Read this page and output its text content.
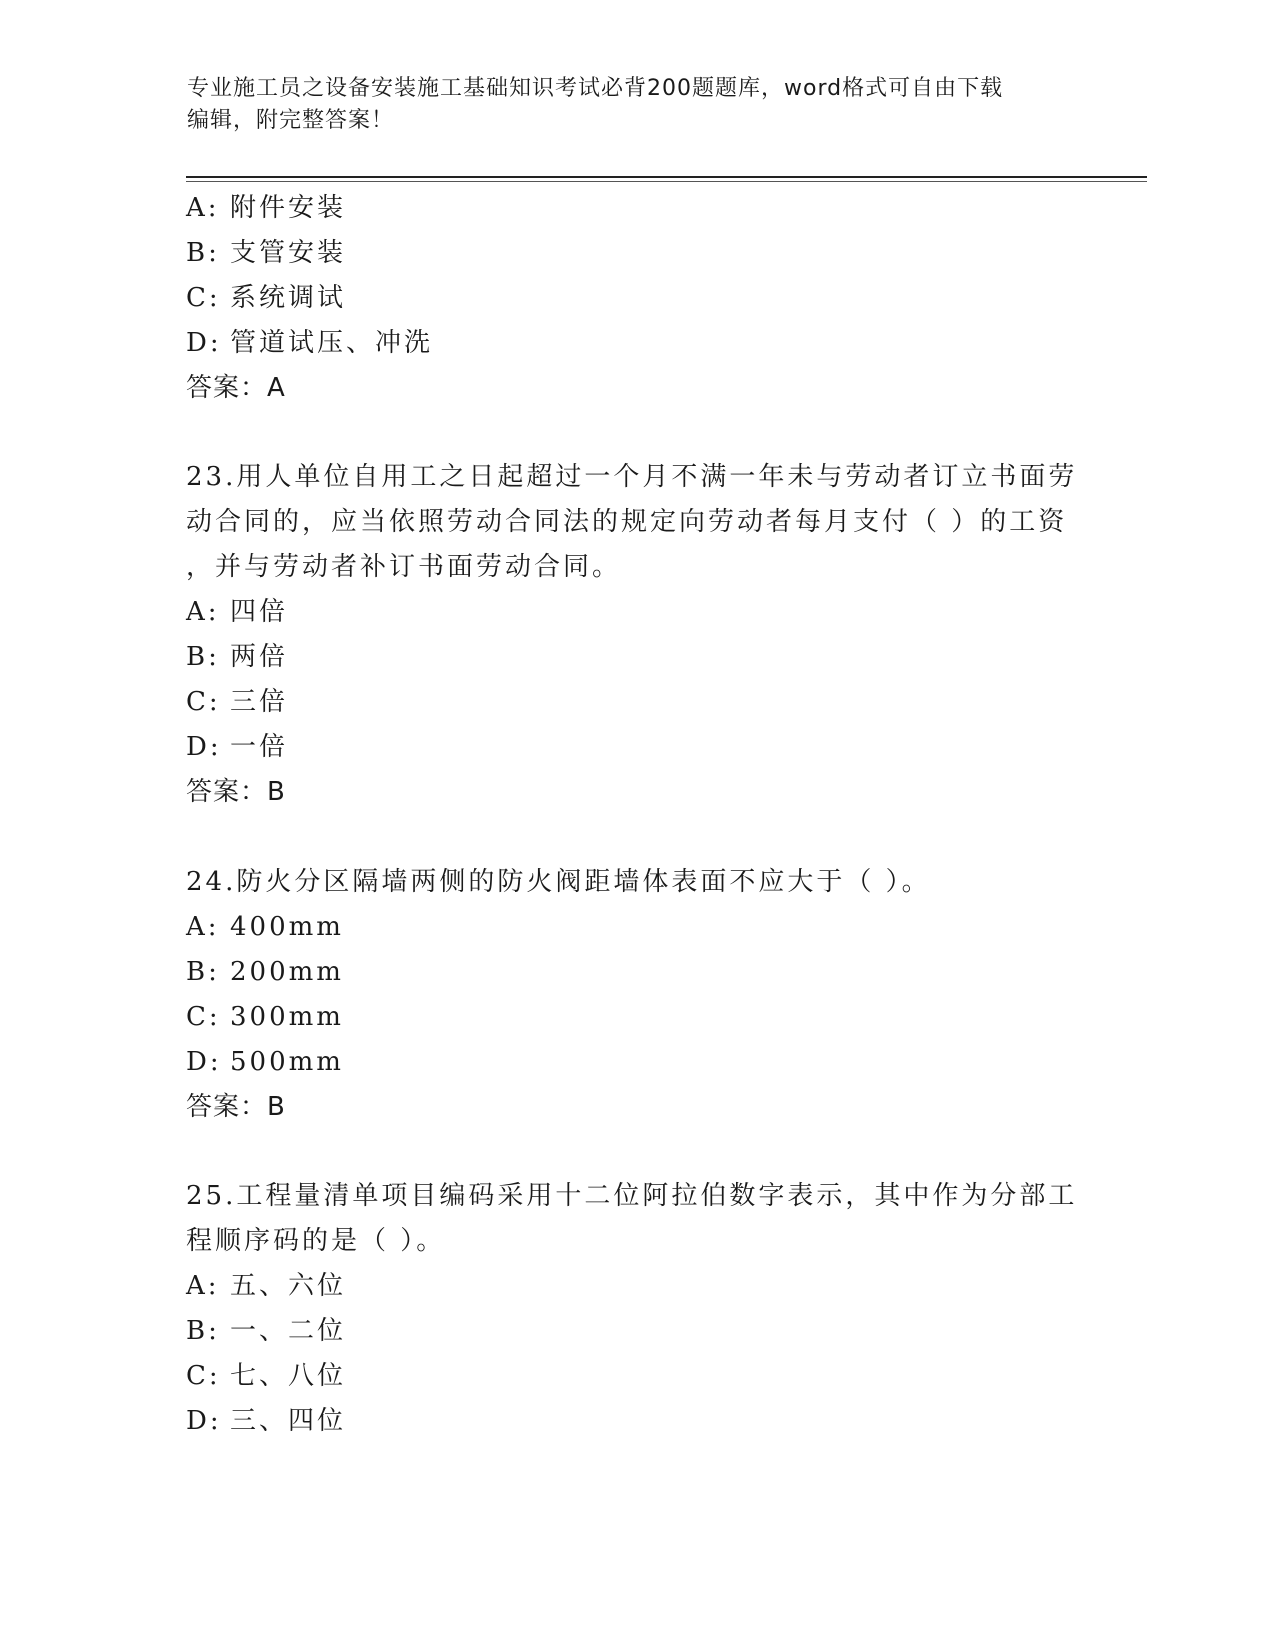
专业施工员之设备安装施工基础知识考试必背200题题库，word格式可自由下载
编辑，附完整答案！
A: 附件安装
B: 支管安装
C: 系统调试
D: 管道试压、冲洗
答案：A
23.用人单位自用工之日起超过一个月不满一年未与劳动者订立书面劳
动合同的，应当依照劳动合同法的规定向劳动者每月支付（ ）的工资
，并与劳动者补订书面劳动合同。
A: 四倍
B: 两倍
C: 三倍
D: 一倍
答案：B
24.防火分区隔墙两侧的防火阀距墙体表面不应大于（ ）。
A: 400mm
B: 200mm
C: 300mm
D: 500mm
答案：B
25.工程量清单项目编码采用十二位阿拉伯数字表示，其中作为分部工
程顺序码的是（ ）。
A: 五、六位
B: 一、二位
C: 七、八位
D: 三、四位
